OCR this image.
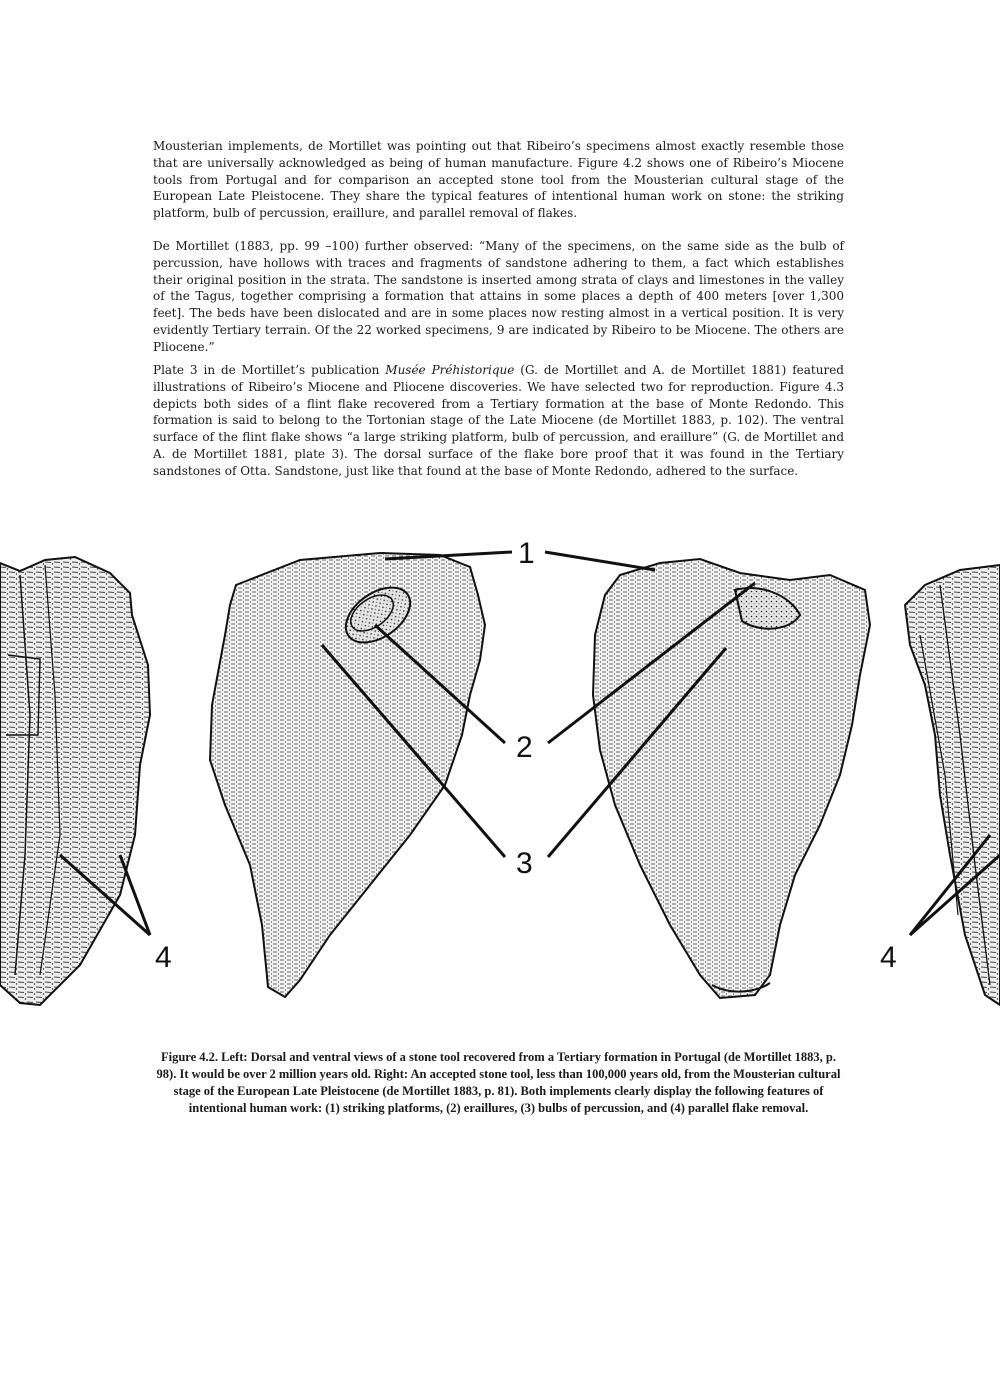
Mousterian implements, de Mortillet was pointing out that Ribeiro’s specimens almost exactly resemble those that are universally acknowledged as being of human manufacture. Figure 4.2 shows one of Ribeiro’s Miocene tools from Portugal and for comparison an accepted stone tool from the Mousterian cultural stage of the European Late Pleistocene. They share the typical features of intentional human work on stone: the striking platform, bulb of percussion, eraillure, and parallel removal of flakes.

De Mortillet (1883, pp. 99 –100) further observed: “Many of the specimens, on the same side as the bulb of percussion, have hollows with traces and fragments of sandstone adhering to them, a fact which establishes their original position in the strata. The sandstone is inserted among strata of clays and limestones in the valley of the Tagus, together comprising a formation that attains in some places a depth of 400 meters [over 1,300 feet]. The beds have been dislocated and are in some places now resting almost in a vertical position. It is very evidently Tertiary terrain. Of the 22 worked specimens, 9 are indicated by Ribeiro to be Miocene. The others are Pliocene.”

Plate 3 in de Mortillet’s publication Musée Préhistorique (G. de Mortillet and A. de Mortillet 1881) featured illustrations of Ribeiro’s Miocene and Pliocene discoveries. We have selected two for reproduction. Figure 4.3 depicts both sides of a flint flake recovered from a Tertiary formation at the base of Monte Redondo. This formation is said to belong to the Tortonian stage of the Late Miocene (de Mortillet 1883, p. 102). The ventral surface of the flint flake shows “a large striking platform, bulb of percussion, and eraillure” (G. de Mortillet and A. de Mortillet 1881, plate 3). The dorsal surface of the flake bore proof that it was found in the Tertiary sandstones of Otta. Sandstone, just like that found at the base of Monte Redondo, adhered to the surface.

1
2
3
4	4

Figure 4.2. Left: Dorsal and ventral views of a stone tool recovered from a Tertiary formation in Portugal (de Mortillet 1883, p. 98). It would be over 2 million years old. Right: An accepted stone tool, less than 100,000 years old, from the Mousterian cultural stage of the European Late Pleistocene (de Mortillet 1883, p. 81). Both implements clearly display the following features of intentional human work: (1) striking platforms, (2) eraillures, (3) bulbs of percussion, and (4) parallel flake removal.
